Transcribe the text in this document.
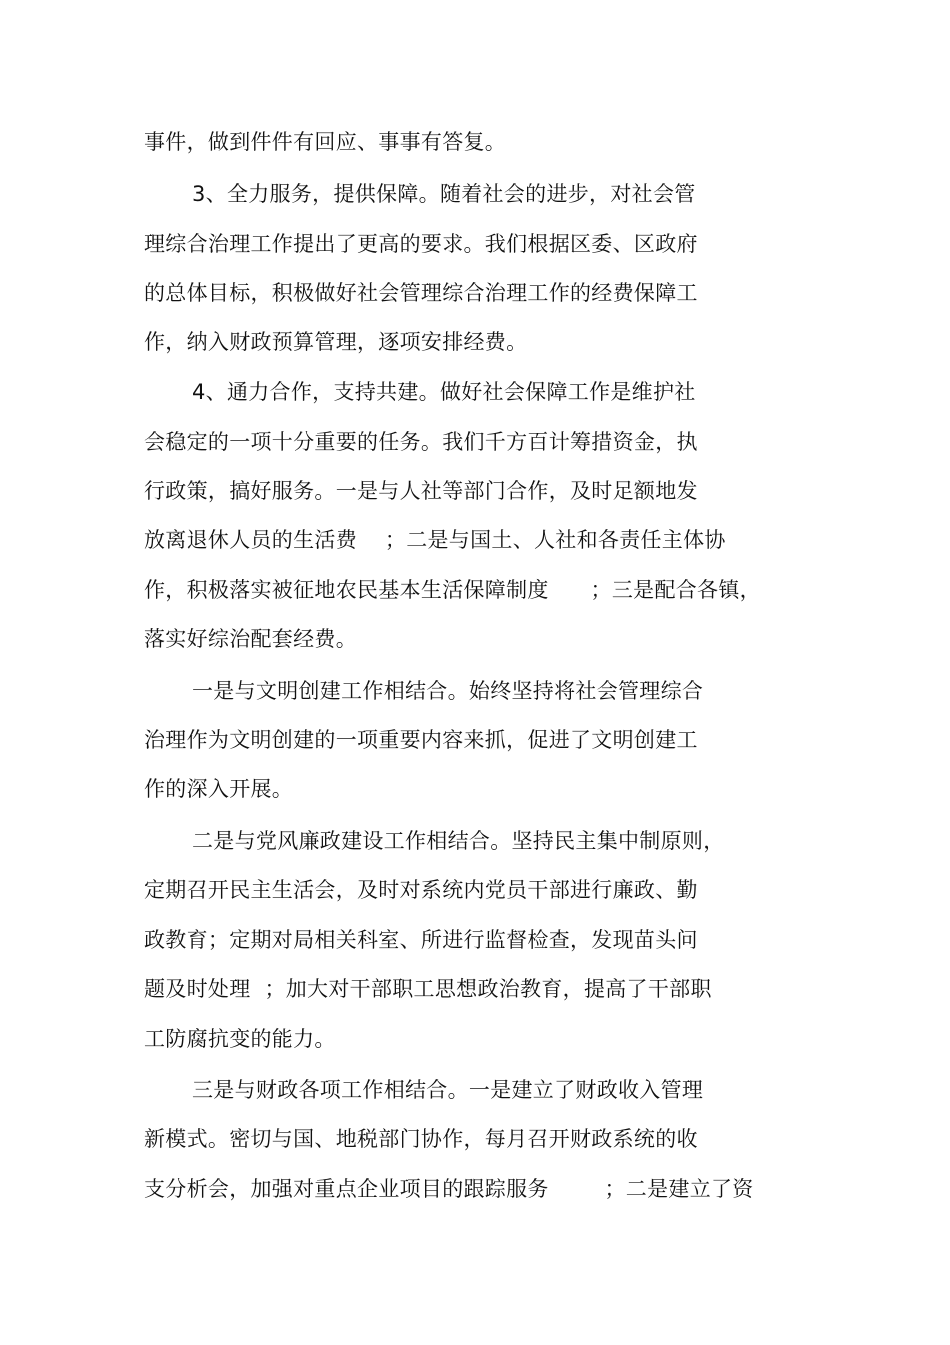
事件，做到件件有回应、事事有答复。
3、全力服务，提供保障。随着社会的进步，对社会管
理综合治理工作提出了更高的要求。我们根据区委、区政府
的总体目标，积极做好社会管理综合治理工作的经费保障工
作，纳入财政预算管理，逐项安排经费。
4、通力合作，支持共建。做好社会保障工作是维护社
会稳定的一项十分重要的任务。我们千方百计筹措资金，执
行政策，搞好服务。一是与人社等部门合作，及时足额地发
放离退休人员的生活费    ；二是与国土、人社和各责任主体协
作，积极落实被征地农民基本生活保障制度      ；三是配合各镇，
落实好综治配套经费。
一是与文明创建工作相结合。始终坚持将社会管理综合
治理作为文明创建的一项重要内容来抓，促进了文明创建工
作的深入开展。
二是与党风廉政建设工作相结合。坚持民主集中制原则，
定期召开民主生活会，及时对系统内党员干部进行廉政、勤
政教育；定期对局相关科室、所进行监督检查，发现苗头问
题及时处理  ；加大对干部职工思想政治教育，提高了干部职
工防腐抗变的能力。
三是与财政各项工作相结合。一是建立了财政收入管理
新模式。密切与国、地税部门协作，每月召开财政系统的收
支分析会，加强对重点企业项目的跟踪服务        ；二是建立了资
